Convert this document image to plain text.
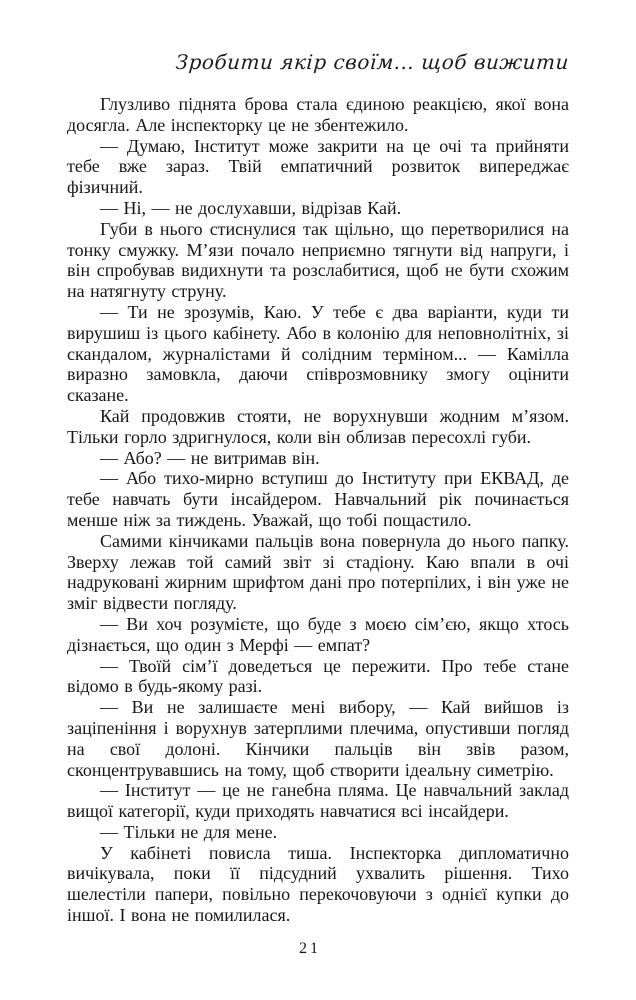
Зробити якір своїм... щоб вижити

Глузливо піднята брова стала єдиною реакцією, якої вона досягла. Але інспекторку це не збентежило.

— Думаю, Інститут може закрити на це очі та прийняти тебе вже зараз. Твій емпатичний розвиток випереджає фізичний.

— Ні, — не дослухавши, відрізав Кай.

Губи в нього стиснулися так щільно, що перетворилися на тонку смужку. М’язи почало неприємно тягнути від напруги, і він спробував видихнути та розслабитися, щоб не бути схожим на натягнуту струну.

— Ти не зрозумів, Каю. У тебе є два варіанти, куди ти вирушиш із цього кабінету. Або в колонію для неповнолітніх, зі скандалом, журналістами й солідним терміном... — Камілла виразно замовкла, даючи співрозмовнику змогу оцінити сказане.

Кай продовжив стояти, не ворухнувши жодним м’язом. Тільки горло здригнулося, коли він облизав пересохлі губи.

— Або? — не витримав він.

— Або тихо-мирно вступиш до Інституту при ЕКВАД, де тебе навчать бути інсайдером. Навчальний рік починається менше ніж за тиждень. Уважай, що тобі пощастило.

Самими кінчиками пальців вона повернула до нього папку. Зверху лежав той самий звіт зі стадіону. Каю впали в очі надруковані жирним шрифтом дані про потерпілих, і він уже не зміг відвести погляду.

— Ви хоч розумієте, що буде з моєю сім’єю, якщо хтось дізнається, що один з Мерфі — емпат?

— Твоїй сім’ї доведеться це пережити. Про тебе стане відомо в будь-якому разі.

— Ви не залишаєте мені вибору, — Кай вийшов із заціпеніння і ворухнув затерплими плечима, опустивши погляд на свої долоні. Кінчики пальців він звів разом, сконцентрувавшись на тому, щоб створити ідеальну симетрію.

— Інститут — це не ганебна пляма. Це навчальний заклад вищої категорії, куди приходять навчатися всі інсайдери.

— Тільки не для мене.

У кабінеті повисла тиша. Інспекторка дипломатично вичікувала, поки її підсудний ухвалить рішення. Тихо шелестіли папери, повільно перекочовуючи з однієї купки до іншої. І вона не помилилася.

21
